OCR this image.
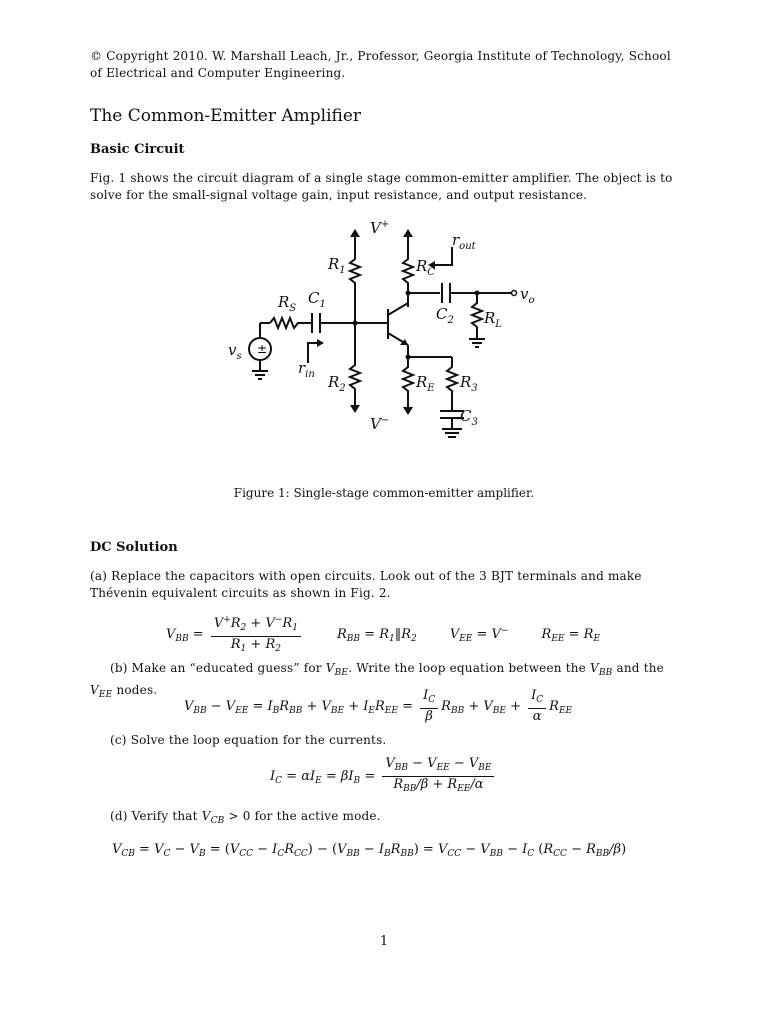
© Copyright 2010. W. Marshall Leach, Jr., Professor, Georgia Institute of Technology, School of Electrical and Computer Engineering.
The Common-Emitter Amplifier
Basic Circuit
Fig. 1 shows the circuit diagram of a single stage common-emitter amplifier. The object is to solve for the small-signal voltage gain, input resistance, and output resistance.
±
V+
V−
$R_1$
$R_2$
$R_C$
$R_E$ $R_3$
$C_3$
$C_2$ $R_L$
$R_S$
$C_1$
$v_s$
$v_o$
$r_{in}$
$r_{out}$
Figure 1: Single-stage common-emitter amplifier.
DC Solution
(a) Replace the capacitors with open circuits. Look out of the 3 BJT terminals and make Thévenin equivalent circuits as shown in Fig. 2.
$V_{BB} = \frac{V^+R_2 + V^-R_1}{R_1 + R_2} R_{BB}$ = $R_1‖R_2$        $V_{EE} = V^-$        $R_{EE} = R_E$
(b) Make an “educated guess” for $V_{BE}$. Write the loop equation between the $V_{BB}$ and the $V_{EE}$ nodes.
$V_{BB} - V_{EE} = I_BR_{BB} + V_{BE} + I_ER_{EE} = \frac{I_C}{\beta} R_{BB} + V_{BE} + \frac{I_C}{\alpha} R_{EE}$
(c) Solve the loop equation for the currents.
$I_C = \alpha I_E = \beta I_B = \frac{V_{BB} - V_{EE} - V_{BE}}{R_{BB}/\beta + R_{EE}/\alpha}$
(d) Verify that $V_{CB} > 0$ for the active mode.
$V_{CB} = V_C - V_B = (V_{CC} - I_CR_{CC}) - (V_{BB} - I_BR_{BB}) = V_{CC} - V_{BB} - I_C$ $(R_{CC} - R_{BB}/\beta)$
1
